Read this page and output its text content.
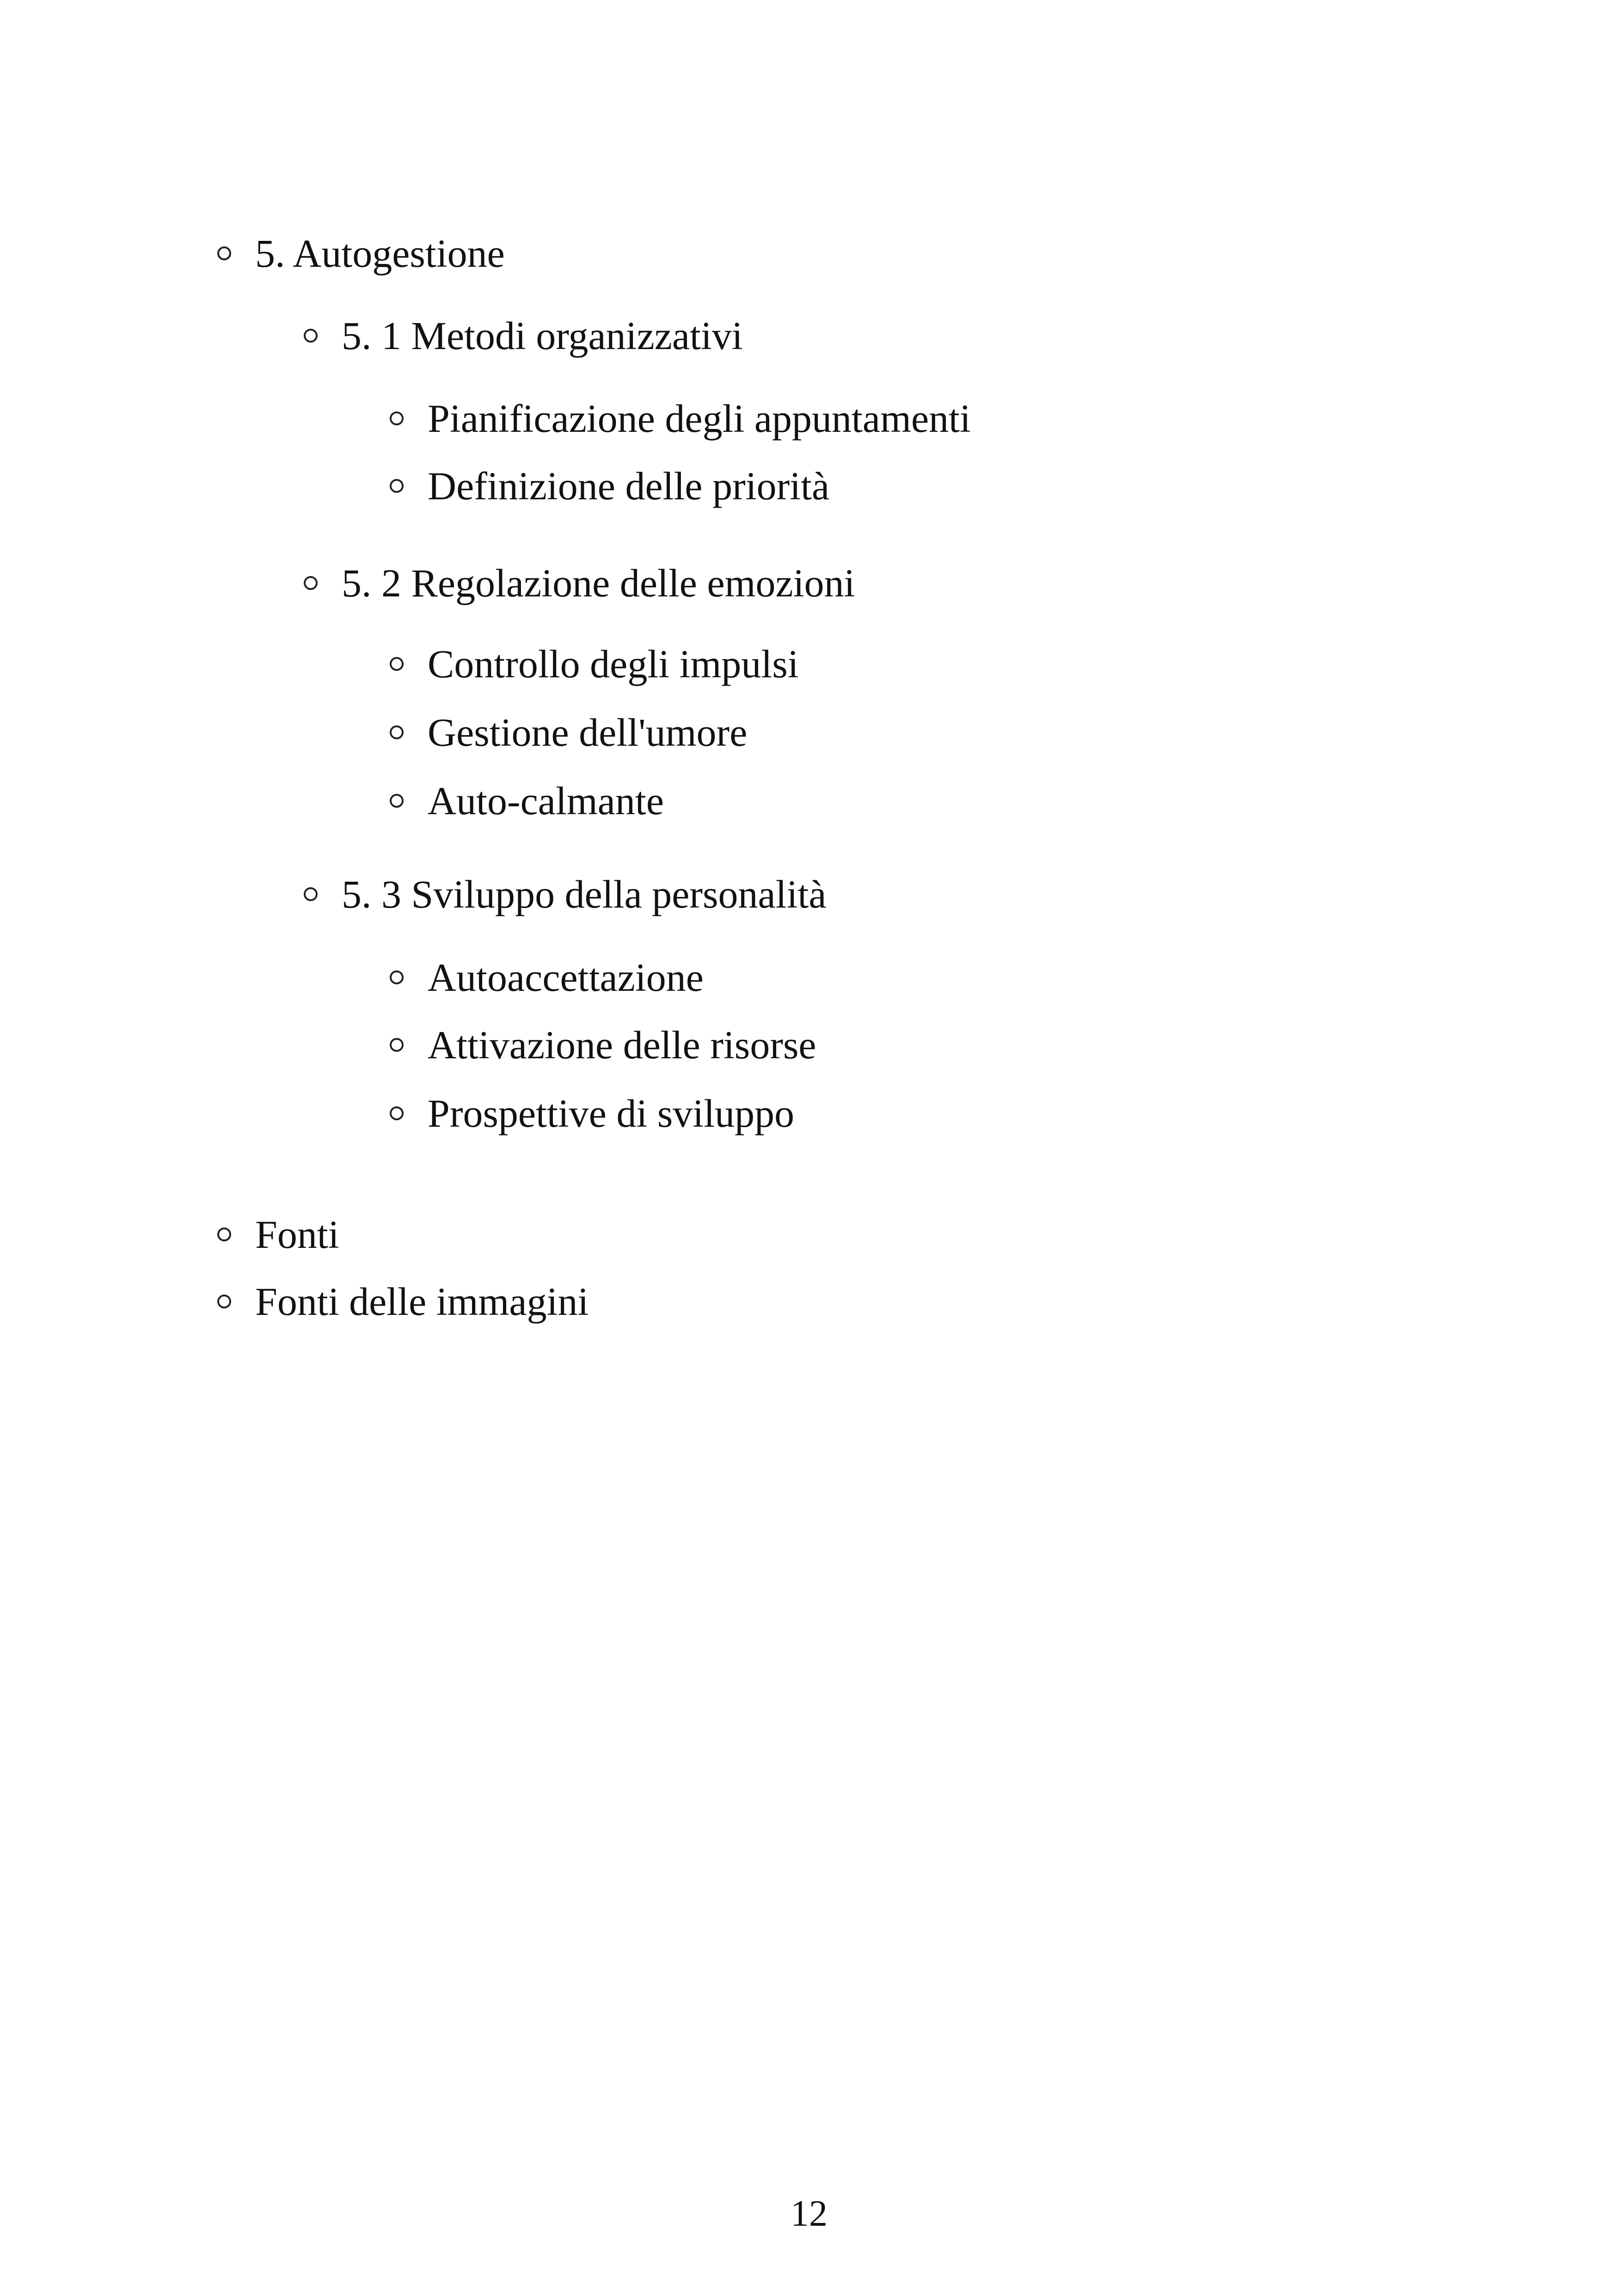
5. Autogestione
5. 1 Metodi organizzativi
Pianificazione degli appuntamenti
Definizione delle priorità
5. 2 Regolazione delle emozioni
Controllo degli impulsi
Gestione dell'umore
Auto-calmante
5. 3 Sviluppo della personalità
Autoaccettazione
Attivazione delle risorse
Prospettive di sviluppo
Fonti
Fonti delle immagini
12
